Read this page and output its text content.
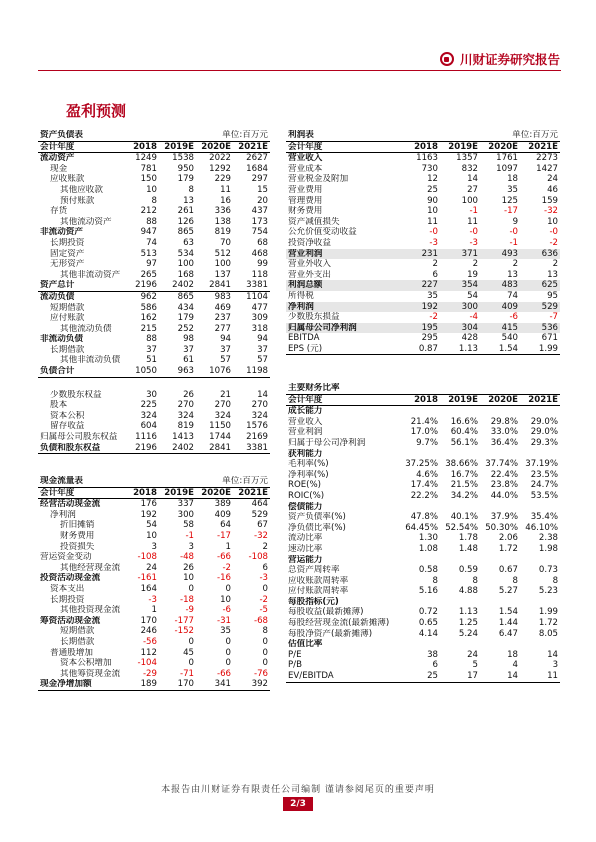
川财证券研究报告
盈利预测
资产负债表			单位:百万元	
会计年度	2018	2019E	2020E	2021E
流动资产	1249	1538	2022	2627
现金	781	950	1292	1684
应收账款	150	179	229	297
其他应收款	10	8	11	15
预付账款	8	13	16	20
存货	212	261	336	437
其他流动资产	88	126	138	173
非流动资产	947	865	819	754
长期投资	74	63	70	68
固定资产	513	534	512	468
无形资产	97	100	100	99
其他非流动资产	265	168	137	118
资产总计	2196	2402	2841	3381
流动负债	962	865	983	1104
短期借款	586	434	469	477
应付账款	162	179	237	309
其他流动负债	215	252	277	318
非流动负债	88	98	94	94
长期借款	37	37	37	37
其他非流动负债	51	61	57	57
负债合计	1050	963	1076	1198

少数股东权益	30	26	21	14
股本	225	270	270	270
资本公积	324	324	324	324
留存收益	604	819	1150	1576
归属母公司股东权益	1116	1413	1744	2169
负债和股东权益	2196	2402	2841	3381
现金流量表			单位:百万元	
会计年度	2018	2019E	2020E	2021E
经营活动现金流	176	337	389	464
净利润	192	300	409	529
折旧摊销	54	58	64	67
财务费用	10	-1	-17	-32
投资损失	3	3	1	2
营运资金变动	-108	-48	-66	-108
其他经营现金流	24	26	-2	6
投资活动现金流	-161	10	-16	-3
资本支出	164	0	0	0
长期投资	-3	-18	10	-2
其他投资现金流	1	-9	-6	-5
筹资活动现金流	170	-177	-31	-68
短期借款	246	-152	35	8
长期借款	-56	0	0	0
普通股增加	112	45	0	0
资本公积增加	-104	0	0	0
其他筹资现金流	-29	-71	-66	-76
现金净增加额	189	170	341	392
利润表			单位:百万元	
会计年度	2018	2019E	2020E	2021E
营业收入	1163	1357	1761	2273
营业成本	730	832	1097	1427
营业税金及附加	12	14	18	24
营业费用	25	27	35	46
管理费用	90	100	125	159
财务费用	10	-1	-17	-32
资产减值损失	11	11	9	10
公允价值变动收益	-0	-0	-0	-0
投资净收益	-3	-3	-1	-2
营业利润	231	371	493	636
营业外收入	2	2	2	2
营业外支出	6	19	13	13
利润总额	227	354	483	625
所得税	35	54	74	95
净利润	192	300	409	529
少数股东损益	-2	-4	-6	-7
归属母公司净利润	195	304	415	536
EBITDA	295	428	540	671
EPS (元)	0.87	1.13	1.54	1.99
主要财务比率				
会计年度	2018	2019E	2020E	2021E
成长能力				
营业收入	21.4%	16.6%	29.8%	29.0%
营业利润	17.0%	60.4%	33.0%	29.0%
归属于母公司净利润	9.7%	56.1%	36.4%	29.3%
获利能力				
毛利率(%)	37.25%	38.66%	37.74%	37.19%
净利率(%)	4.6%	16.7%	22.4%	23.5%
ROE(%)	17.4%	21.5%	23.8%	24.7%
ROIC(%)	22.2%	34.2%	44.0%	53.5%
偿债能力				
资产负债率(%)	47.8%	40.1%	37.9%	35.4%
净负债比率(%)	64.45%	52.54%	50.30%	46.10%
流动比率	1.30	1.78	2.06	2.38
速动比率	1.08	1.48	1.72	1.98
营运能力				
总资产周转率	0.58	0.59	0.67	0.73
应收账款周转率	8	8	8	8
应付账款周转率	5.16	4.88	5.27	5.23
每股指标(元)				
每股收益(最新摊薄)	0.72	1.13	1.54	1.99
每股经营现金流(最新摊薄)	0.65	1.25	1.44	1.72
每股净资产(最新摊薄)	4.14	5.24	6.47	8.05
估值比率				
P/E	38	24	18	14
P/B	6	5	4	3
EV/EBITDA	25	17	14	11
本报告由川财证券有限责任公司编制 谨请参阅尾页的重要声明
2/3
